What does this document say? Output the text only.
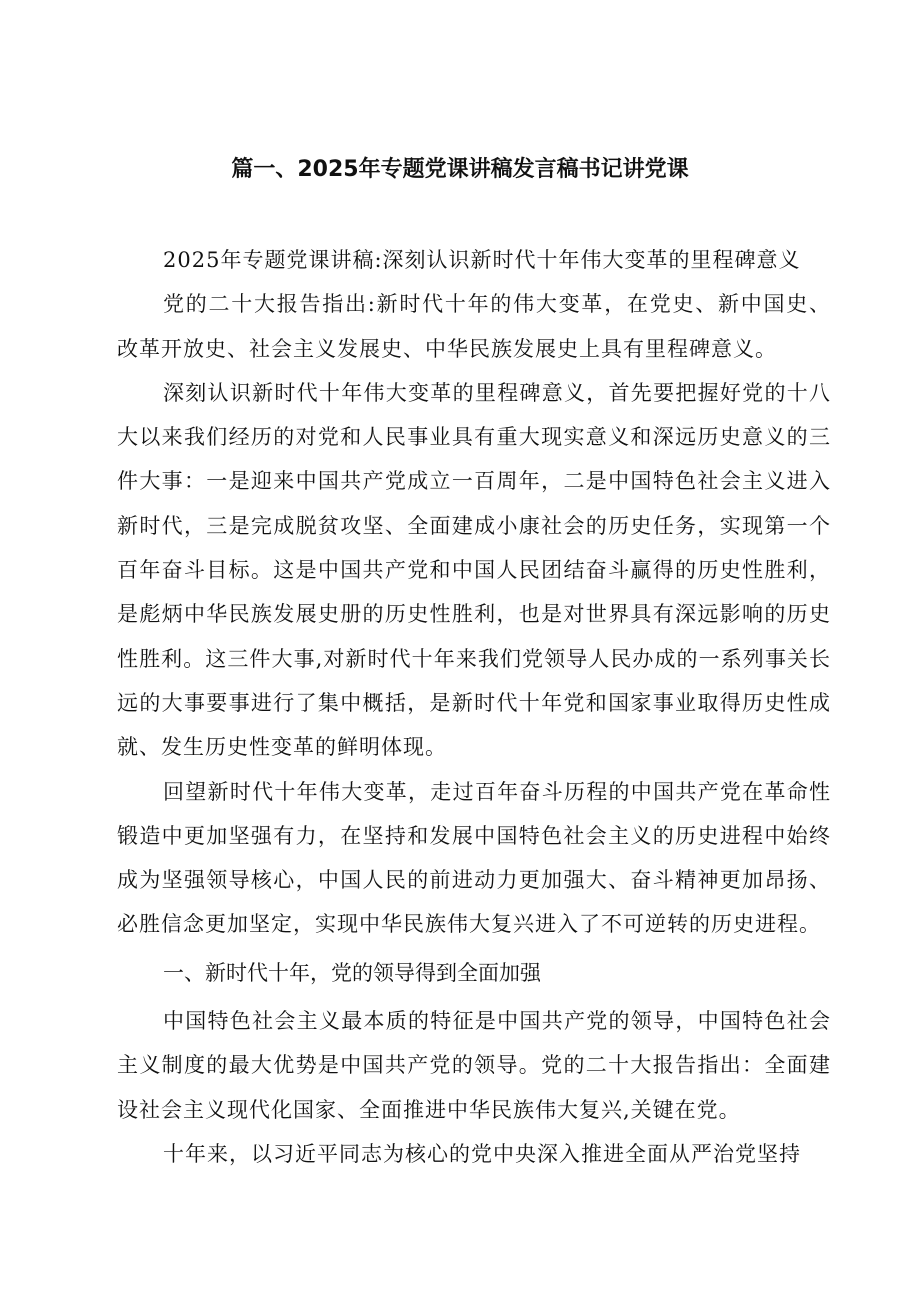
篇一、2025年专题党课讲稿发言稿书记讲党课

2025年专题党课讲稿:深刻认识新时代十年伟大变革的里程碑意义

党的二十大报告指出:新时代十年的伟大变革，在党史、新中国史、改革开放史、社会主义发展史、中华民族发展史上具有里程碑意义。

深刻认识新时代十年伟大变革的里程碑意义，首先要把握好党的十八大以来我们经历的对党和人民事业具有重大现实意义和深远历史意义的三件大事：一是迎来中国共产党成立一百周年，二是中国特色社会主义进入新时代，三是完成脱贫攻坚、全面建成小康社会的历史任务，实现第一个百年奋斗目标。这是中国共产党和中国人民团结奋斗赢得的历史性胜利，是彪炳中华民族发展史册的历史性胜利，也是对世界具有深远影响的历史性胜利。这三件大事,对新时代十年来我们党领导人民办成的一系列事关长远的大事要事进行了集中概括，是新时代十年党和国家事业取得历史性成就、发生历史性变革的鲜明体现。

回望新时代十年伟大变革，走过百年奋斗历程的中国共产党在革命性锻造中更加坚强有力，在坚持和发展中国特色社会主义的历史进程中始终成为坚强领导核心，中国人民的前进动力更加强大、奋斗精神更加昂扬、必胜信念更加坚定，实现中华民族伟大复兴进入了不可逆转的历史进程。

一、新时代十年，党的领导得到全面加强

中国特色社会主义最本质的特征是中国共产党的领导，中国特色社会主义制度的最大优势是中国共产党的领导。党的二十大报告指出：全面建设社会主义现代化国家、全面推进中华民族伟大复兴,关键在党。

十年来，以习近平同志为核心的党中央深入推进全面从严治党坚持
